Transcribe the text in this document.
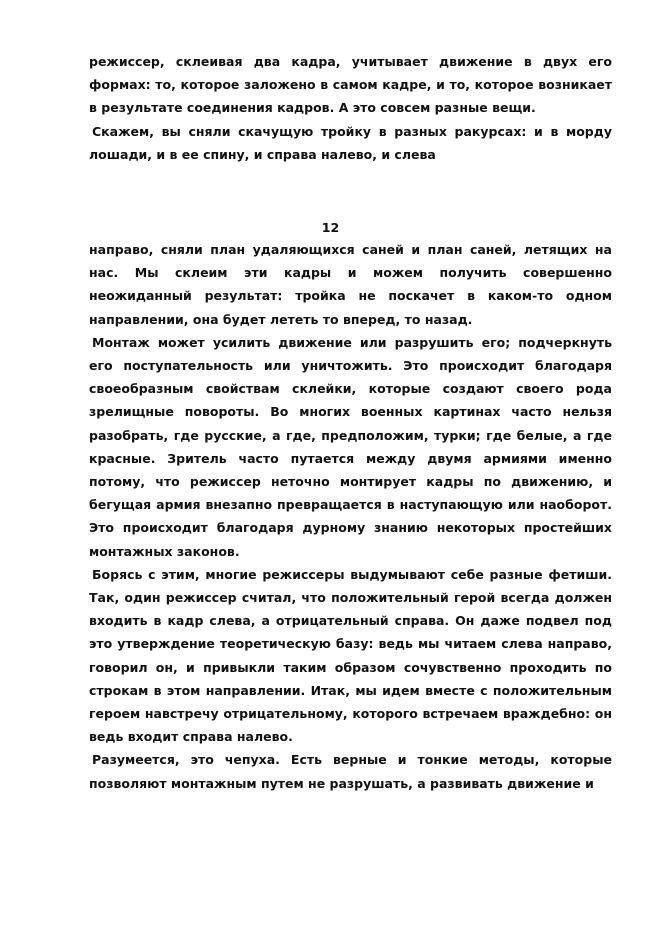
режиссер, склеивая два кадра, учитывает движение в двух его формах: то, которое заложено в самом кадре, и то, которое возникает в результате соединения кадров. А это совсем разные вещи.

Скажем, вы сняли скачущую тройку в разных ракурсах: и в морду лошади, и в ее спину, и справа налево, и слева

12

направо, сняли план удаляющихся саней и план саней, летящих на нас. Мы склеим эти кадры и можем получить совершенно неожиданный результат: тройка не поскачет в каком-то одном направлении, она будет лететь то вперед, то назад.

Монтаж может усилить движение или разрушить его; подчеркнуть его поступательность или уничтожить. Это происходит благодаря своеобразным свойствам склейки, которые создают своего рода зрелищные повороты. Во многих военных картинах часто нельзя разобрать, где русские, а где, предположим, турки; где белые, а где красные. Зритель часто путается между двумя армиями именно потому, что режиссер неточно монтирует кадры по движению, и бегущая армия внезапно превращается в наступающую или наоборот. Это происходит благодаря дурному знанию некоторых простейших монтажных законов.

Борясь с этим, многие режиссеры выдумывают себе разные фетиши. Так, один режиссер считал, что положительный герой всегда должен входить в кадр слева, а отрицательный справа. Он даже подвел под это утверждение теоретическую базу: ведь мы читаем слева направо, говорил он, и привыкли таким образом сочувственно проходить по строкам в этом направлении. Итак, мы идем вместе с положительным героем навстречу отрицательному, которого встречаем враждебно: он ведь входит справа налево.

Разумеется, это чепуха. Есть верные и тонкие методы, которые позволяют монтажным путем не разрушать, а развивать движение и
